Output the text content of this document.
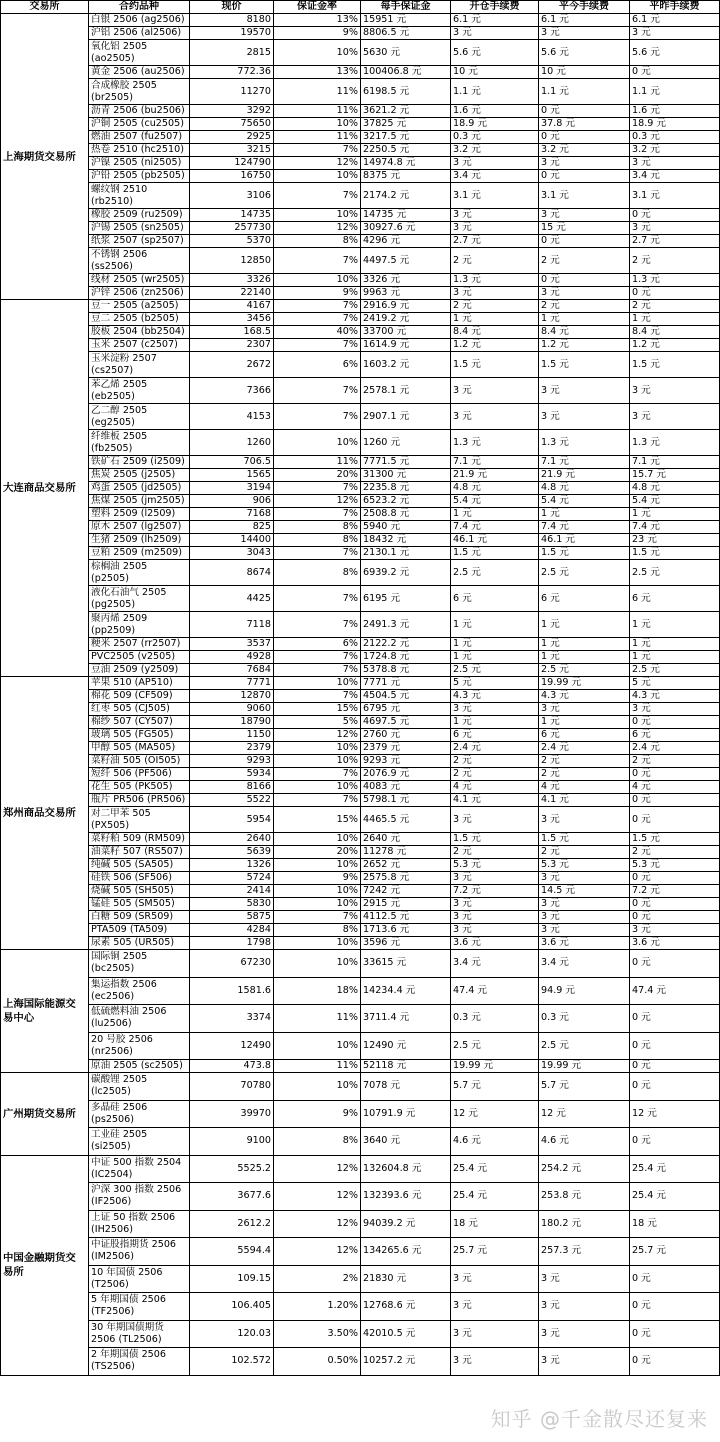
交易所	合约品种	现价	保证金率	每手保证金	开仓手续费	平今手续费	平昨手续费
上海期货交易所	白银 2506 (ag2506)	8180	13%	15951 元	6.1 元	6.1 元	6.1 元
	沪铝 2506 (al2506)	19570	9%	8806.5 元	3 元	3 元	3 元
	氧化铝 2505 (ao2505)	2815	10%	5630 元	5.6 元	5.6 元	5.6 元
	黄金 2506 (au2506)	772.36	13%	100406.8 元	10 元	10 元	0 元
	合成橡胶 2505 (br2505)	11270	11%	6198.5 元	1.1 元	1.1 元	1.1 元
	沥青 2506 (bu2506)	3292	11%	3621.2 元	1.6 元	0 元	1.6 元
	沪铜 2505 (cu2505)	75650	10%	37825 元	18.9 元	37.8 元	18.9 元
	燃油 2507 (fu2507)	2925	11%	3217.5 元	0.3 元	0 元	0.3 元
	热卷 2510 (hc2510)	3215	7%	2250.5 元	3.2 元	3.2 元	3.2 元
	沪镍 2505 (ni2505)	124790	12%	14974.8 元	3 元	3 元	3 元
	沪铅 2505 (pb2505)	16750	10%	8375 元	3.4 元	0 元	3.4 元
	螺纹钢 2510 (rb2510)	3106	7%	2174.2 元	3.1 元	3.1 元	3.1 元
	橡胶 2509 (ru2509)	14735	10%	14735 元	3 元	3 元	0 元
	沪锡 2505 (sn2505)	257730	12%	30927.6 元	3 元	15 元	3 元
	纸浆 2507 (sp2507)	5370	8%	4296 元	2.7 元	0 元	2.7 元
	不锈钢 2506 (ss2506)	12850	7%	4497.5 元	2 元	2 元	2 元
	线材 2505 (wr2505)	3326	10%	3326 元	1.3 元	0 元	1.3 元
	沪锌 2506 (zn2506)	22140	9%	9963 元	3 元	3 元	0 元
大连商品交易所	豆一 2505 (a2505)	4167	7%	2916.9 元	2 元	2 元	2 元
	豆二 2505 (b2505)	3456	7%	2419.2 元	1 元	1 元	1 元
	胶板 2504 (bb2504)	168.5	40%	33700 元	8.4 元	8.4 元	8.4 元
	玉米 2507 (c2507)	2307	7%	1614.9 元	1.2 元	1.2 元	1.2 元
	玉米淀粉 2507 (cs2507)	2672	6%	1603.2 元	1.5 元	1.5 元	1.5 元
	苯乙烯 2505 (eb2505)	7366	7%	2578.1 元	3 元	3 元	3 元
	乙二醇 2505 (eg2505)	4153	7%	2907.1 元	3 元	3 元	3 元
	纤维板 2505 (fb2505)	1260	10%	1260 元	1.3 元	1.3 元	1.3 元
	铁矿石 2509 (i2509)	706.5	11%	7771.5 元	7.1 元	7.1 元	7.1 元
	焦炭 2505 (j2505)	1565	20%	31300 元	21.9 元	21.9 元	15.7 元
	鸡蛋 2505 (jd2505)	3194	7%	2235.8 元	4.8 元	4.8 元	4.8 元
	焦煤 2505 (jm2505)	906	12%	6523.2 元	5.4 元	5.4 元	5.4 元
	塑料 2509 (l2509)	7168	7%	2508.8 元	1 元	1 元	1 元
	原木 2507 (lg2507)	825	8%	5940 元	7.4 元	7.4 元	7.4 元
	生猪 2509 (lh2509)	14400	8%	18432 元	46.1 元	46.1 元	23 元
	豆粕 2509 (m2509)	3043	7%	2130.1 元	1.5 元	1.5 元	1.5 元
	棕榈油 2505 (p2505)	8674	8%	6939.2 元	2.5 元	2.5 元	2.5 元
	液化石油气 2505 (pg2505)	4425	7%	6195 元	6 元	6 元	6 元
	聚丙烯 2509 (pp2509)	7118	7%	2491.3 元	1 元	1 元	1 元
	粳米 2507 (rr2507)	3537	6%	2122.2 元	1 元	1 元	1 元
	PVC2505 (v2505)	4928	7%	1724.8 元	1 元	1 元	1 元
	豆油 2509 (y2509)	7684	7%	5378.8 元	2.5 元	2.5 元	2.5 元
郑州商品交易所	苹果 510 (AP510)	7771	10%	7771 元	5 元	19.99 元	5 元
	棉花 509 (CF509)	12870	7%	4504.5 元	4.3 元	4.3 元	4.3 元
	红枣 505 (CJ505)	9060	15%	6795 元	3 元	3 元	3 元
	棉纱 507 (CY507)	18790	5%	4697.5 元	1 元	1 元	0 元
	玻璃 505 (FG505)	1150	12%	2760 元	6 元	6 元	6 元
	甲醇 505 (MA505)	2379	10%	2379 元	2.4 元	2.4 元	2.4 元
	菜籽油 505 (OI505)	9293	10%	9293 元	2 元	2 元	2 元
	短纤 506 (PF506)	5934	7%	2076.9 元	2 元	2 元	0 元
	花生 505 (PK505)	8166	10%	4083 元	4 元	4 元	4 元
	瓶片 PR506 (PR506)	5522	7%	5798.1 元	4.1 元	4.1 元	0 元
	对二甲苯 505 (PX505)	5954	15%	4465.5 元	3 元	3 元	0 元
	菜籽粕 509 (RM509)	2640	10%	2640 元	1.5 元	1.5 元	1.5 元
	油菜籽 507 (RS507)	5639	20%	11278 元	2 元	2 元	2 元
	纯碱 505 (SA505)	1326	10%	2652 元	5.3 元	5.3 元	5.3 元
	硅铁 506 (SF506)	5724	9%	2575.8 元	3 元	3 元	0 元
	烧碱 505 (SH505)	2414	10%	7242 元	7.2 元	14.5 元	7.2 元
	锰硅 505 (SM505)	5830	10%	2915 元	3 元	3 元	0 元
	白糖 509 (SR509)	5875	7%	4112.5 元	3 元	3 元	0 元
	PTA509 (TA509)	4284	8%	1713.6 元	3 元	3 元	3 元
	尿素 505 (UR505)	1798	10%	3596 元	3.6 元	3.6 元	3.6 元
上海国际能源交易中心	国际铜 2505 (bc2505)	67230	10%	33615 元	3.4 元	3.4 元	0 元
	集运指数 2506 (ec2506)	1581.6	18%	14234.4 元	47.4 元	94.9 元	47.4 元
	低硫燃料油 2506 (lu2506)	3374	11%	3711.4 元	0.3 元	0.3 元	0 元
	20 号胶 2506 (nr2506)	12490	10%	12490 元	2.5 元	2.5 元	0 元
	原油 2505 (sc2505)	473.8	11%	52118 元	19.99 元	19.99 元	0 元
广州期货交易所	碳酸锂 2505 (lc2505)	70780	10%	7078 元	5.7 元	5.7 元	0 元
	多晶硅 2506 (ps2506)	39970	9%	10791.9 元	12 元	12 元	12 元
	工业硅 2505 (si2505)	9100	8%	3640 元	4.6 元	4.6 元	0 元
中国金融期货交易所	中证 500 指数 2504 (IC2504)	5525.2	12%	132604.8 元	25.4 元	254.2 元	25.4 元
	沪深 300 指数 2506 (IF2506)	3677.6	12%	132393.6 元	25.4 元	253.8 元	25.4 元
	上证 50 指数 2506 (IH2506)	2612.2	12%	94039.2 元	18 元	180.2 元	18 元
	中证股指期货 2506 (IM2506)	5594.4	12%	134265.6 元	25.7 元	257.3 元	25.7 元
	10 年国债 2506 (T2506)	109.15	2%	21830 元	3 元	3 元	0 元
	5 年期国债 2506 (TF2506)	106.405	1.20%	12768.6 元	3 元	3 元	0 元
	30 年期国债期货 2506 (TL2506)	120.03	3.50%	42010.5 元	3 元	3 元	0 元
	2 年期国债 2506 (TS2506)	102.572	0.50%	10257.2 元	3 元	3 元	0 元
知乎 @千金散尽还复来
